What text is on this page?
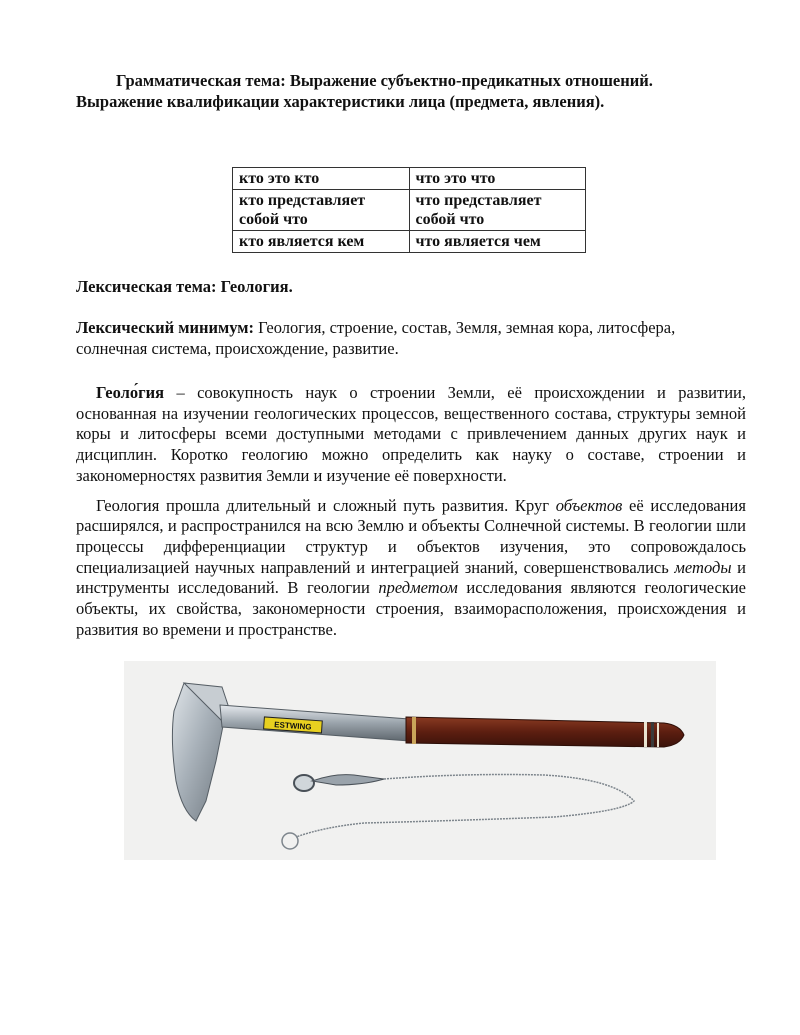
Грамматическая тема: Выражение субъектно-предикатных отношений.
Выражение квалификации характеристики лица (предмета, явления).

кто это кто	что это что
кто представляет собой что	что представляет собой что
кто является кем	что является чем

Лексическая тема: Геология.

Лексический минимум: Геология, строение, состав, Земля, земная кора, литосфера, солнечная система, происхождение, развитие.

Геоло́гия – совокупность наук о строении Земли, её происхождении и развитии, основанная на изучении геологических процессов, вещественного состава, структуры земной коры и литосферы всеми доступными методами с привлечением данных других наук и дисциплин. Коротко геологию можно определить как науку о составе, строении и закономерностях развития Земли и изучение её поверхности.

Геология прошла длительный и сложный путь развития. Круг объектов её исследования расширялся, и распространился на всю Землю и объекты Солнечной системы. В геологии шли процессы дифференциации структур и объектов изучения, это сопровождалось специализацией научных направлений и интеграцией знаний, совершенствовались методы и инструменты исследований. В геологии предметом исследования являются геологические объекты, их свойства, закономерности строения, взаиморасположения, происхождения и развития во времени и пространстве.

ESTWING
